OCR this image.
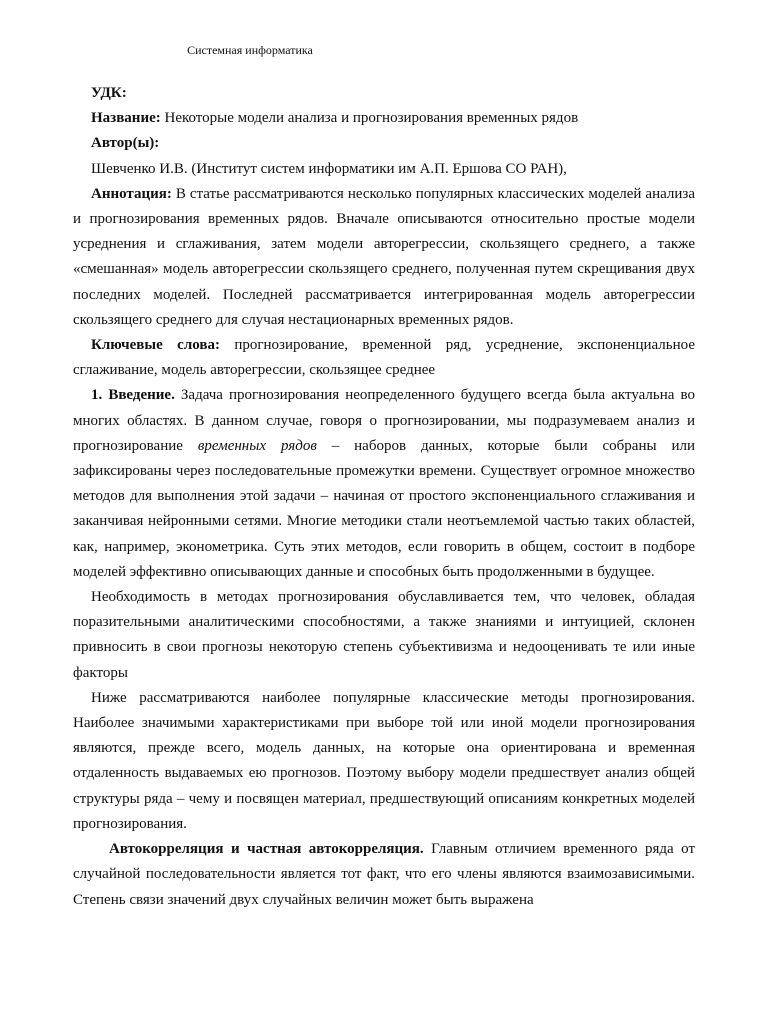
Системная информатика

УДК:

Название: Некоторые модели анализа и прогнозирования временных рядов

Автор(ы):

Шевченко И.В. (Институт систем информатики им А.П. Ершова СО РАН),

Аннотация: В статье рассматриваются несколько популярных классических моделей анализа и прогнозирования временных рядов. Вначале описываются относительно простые модели усреднения и сглаживания, затем модели авторегрессии, скользящего среднего, а также «смешанная» модель авторегрессии скользящего среднего, полученная путем скрещивания двух последних моделей. Последней рассматривается интегрированная модель авторегрессии скользящего среднего для случая нестационарных временных рядов.

Ключевые слова: прогнозирование, временной ряд, усреднение, экспоненциальное сглаживание, модель авторегрессии, скользящее среднее

1. Введение. Задача прогнозирования неопределенного будущего всегда была актуальна во многих областях. В данном случае, говоря о прогнозировании, мы подразумеваем анализ и прогнозирование временных рядов – наборов данных, которые были собраны или зафиксированы через последовательные промежутки времени. Существует огромное множество методов для выполнения этой задачи – начиная от простого экспоненциального сглаживания и заканчивая нейронными сетями. Многие методики стали неотъемлемой частью таких областей, как, например, эконометрика. Суть этих методов, если говорить в общем, состоит в подборе моделей эффективно описывающих данные и способных быть продолженными в будущее.

Необходимость в методах прогнозирования обуславливается тем, что человек, обладая поразительными аналитическими способностями, а также знаниями и интуицией, склонен привносить в свои прогнозы некоторую степень субъективизма и недооценивать те или иные факторы

Ниже рассматриваются наиболее популярные классические методы прогнозирования. Наиболее значимыми характеристиками при выборе той или иной модели прогнозирования являются, прежде всего, модель данных, на которые она ориентирована и временная отдаленность выдаваемых ею прогнозов. Поэтому выбору модели предшествует анализ общей структуры ряда – чему и посвящен материал, предшествующий описаниям конкретных моделей прогнозирования.

Автокорреляция и частная автокорреляция. Главным отличием временного ряда от случайной последовательности является тот факт, что его члены являются взаимозависимыми. Степень связи значений двух случайных величин может быть выражена
